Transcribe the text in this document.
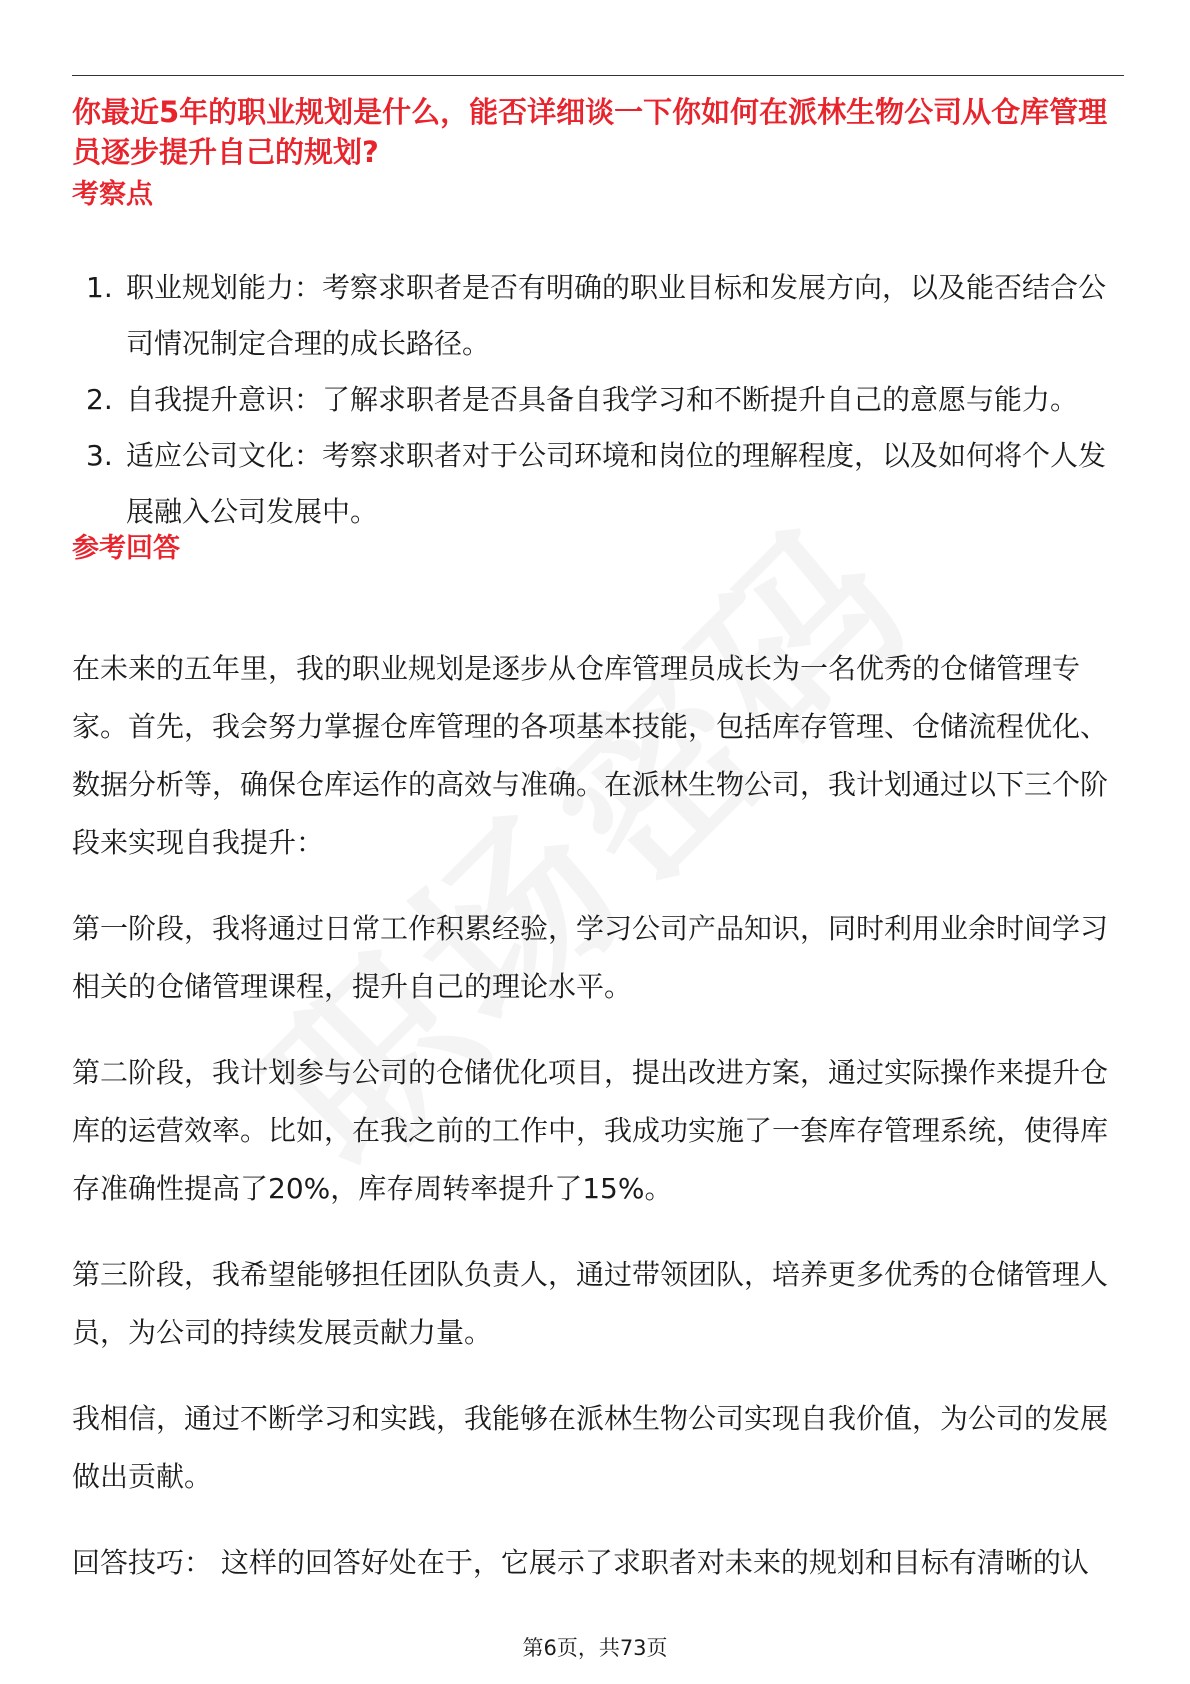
你最近5年的职业规划是什么，能否详细谈一下你如何在派林生物公司从仓库管理员逐步提升自己的规划?
考察点
1. 职业规划能力：考察求职者是否有明确的职业目标和发展方向，以及能否结合公司情况制定合理的成长路径。
2. 自我提升意识：了解求职者是否具备自我学习和不断提升自己的意愿与能力。
3. 适应公司文化：考察求职者对于公司环境和岗位的理解程度，以及如何将个人发展融入公司发展中。
参考回答

在未来的五年里，我的职业规划是逐步从仓库管理员成长为一名优秀的仓储管理专家。首先，我会努力掌握仓库管理的各项基本技能，包括库存管理、仓储流程优化、数据分析等，确保仓库运作的高效与准确。在派林生物公司，我计划通过以下三个阶段来实现自我提升：

第一阶段，我将通过日常工作积累经验，学习公司产品知识，同时利用业余时间学习相关的仓储管理课程，提升自己的理论水平。

第二阶段，我计划参与公司的仓储优化项目，提出改进方案，通过实际操作来提升仓库的运营效率。比如，在我之前的工作中，我成功实施了一套库存管理系统，使得库存准确性提高了20%，库存周转率提升了15%。

第三阶段，我希望能够担任团队负责人，通过带领团队，培养更多优秀的仓储管理人员，为公司的持续发展贡献力量。

我相信，通过不断学习和实践，我能够在派林生物公司实现自我价值，为公司的发展做出贡献。

回答技巧： 这样的回答好处在于，它展示了求职者对未来的规划和目标有清晰的认

第6页，共73页
